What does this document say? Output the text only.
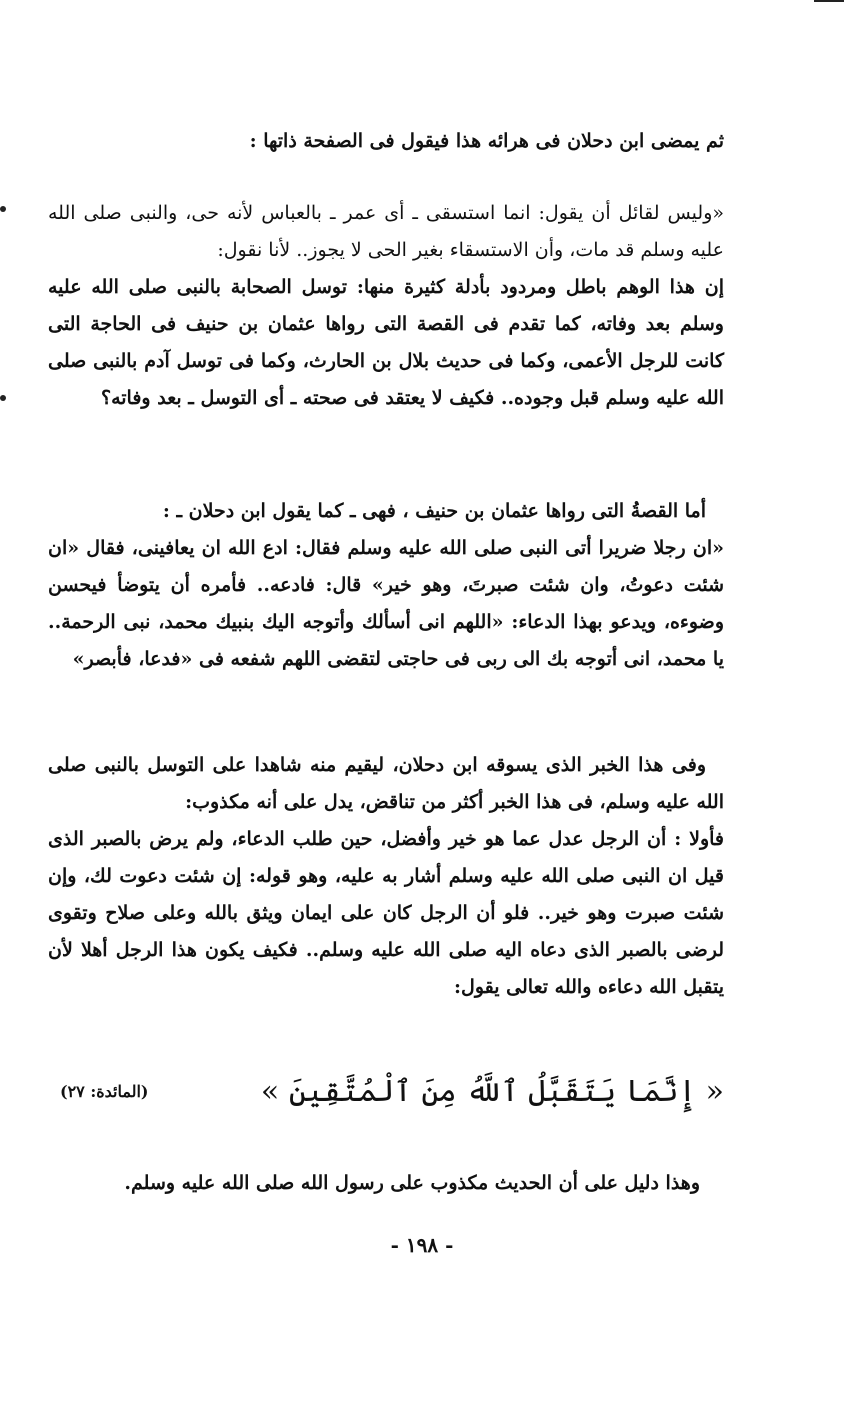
ثم يمضى ابن دحلان فى هرائه هذا فيقول فى الصفحة ذاتها :

«وليس لقائل أن يقول: انما استسقى ـ أى عمر ـ بالعباس لأنه حى، والنبى صلى الله عليه وسلم قد مات، وأن الاستسقاء بغير الحى لا يجوز.. لأنا نقول:

إن هذا الوهم باطل ومردود بأدلة كثيرة منها: توسل الصحابة بالنبى صلى الله عليه وسلم بعد وفاته، كما تقدم فى القصة التى رواها عثمان بن حنيف فى الحاجة التى كانت للرجل الأعمى، وكما فى حديث بلال بن الحارث، وكما فى توسل آدم بالنبى صلى الله عليه وسلم قبل وجوده.. فكيف لا يعتقد فى صحته ـ أى التوسل ـ بعد وفاته؟

أما القصةُ التى رواها عثمان بن حنيف ، فهى ـ كما يقول ابن دحلان ـ :

«ان رجلا ضريرا أتى النبى صلى الله عليه وسلم فقال: ادع الله ان يعافينى، فقال «ان شئت دعوتُ، وان شئت صبرتَ، وهو خير» قال: فادعه.. فأمره أن يتوضأ فيحسن وضوءه، ويدعو بهذا الدعاء: «اللهم انى أسألك وأتوجه اليك بنبيك محمد، نبى الرحمة.. يا محمد، انى أتوجه بك الى ربى فى حاجتى لتقضى اللهم شفعه فى «فدعا، فأبصر»

وفى هذا الخبر الذى يسوقه ابن دحلان، ليقيم منه شاهدا على التوسل بالنبى صلى الله عليه وسلم، فى هذا الخبر أكثر من تناقض، يدل على أنه مكذوب:

فأولا : أن الرجل عدل عما هو خير وأفضل، حين طلب الدعاء، ولم يرض بالصبر الذى قيل ان النبى صلى الله عليه وسلم أشار به عليه، وهو قوله: إن شئت دعوت لك، وإن شئت صبرت وهو خير.. فلو أن الرجل كان على ايمان ويثق بالله وعلى صلاح وتقوى لرضى بالصبر الذى دعاه اليه صلى الله عليه وسلم.. فكيف يكون هذا الرجل أهلا لأن يتقبل الله دعاءه والله تعالى يقول:

« إِنَّمَا يَتَقَبَّلُ ٱللَّهُ مِنَ ٱلْمُتَّقِينَ »
(المائدة: ٢٧)

وهذا دليل على أن الحديث مكذوب على رسول الله صلى الله عليه وسلم.

- ١٩٨ -
